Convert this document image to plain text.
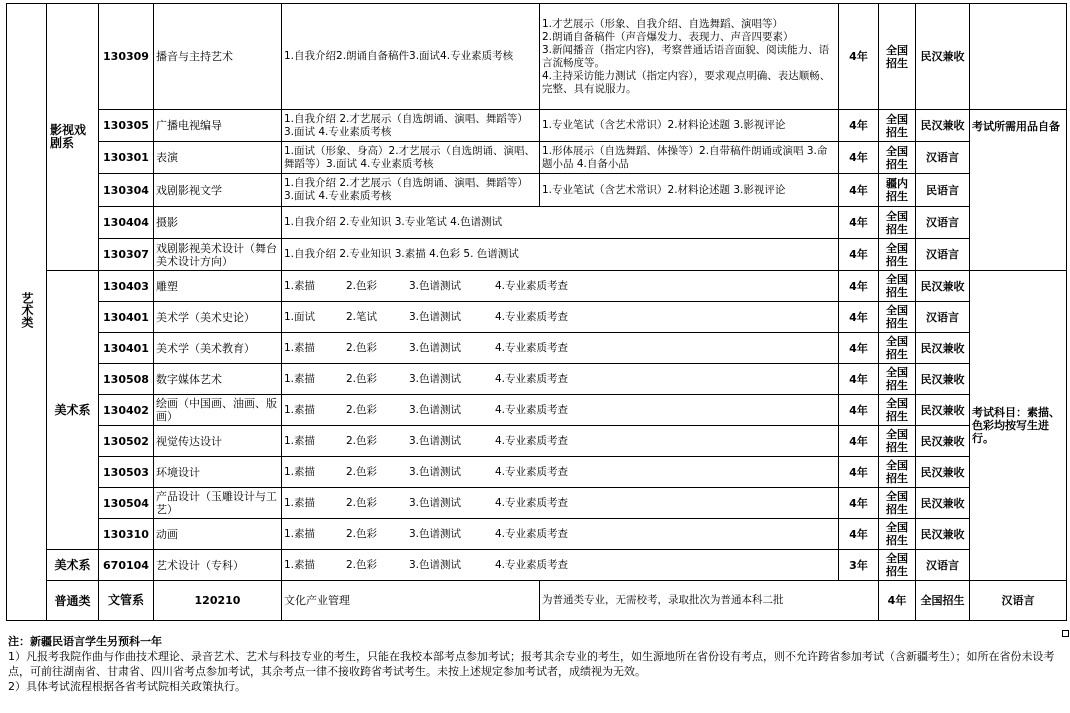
艺术类	影视戏剧系	130309	播音与主持艺术	1.自我介绍2.朗诵自备稿件3.面试4.专业素质考核	1.才艺展示（形象、自我介绍、自选舞蹈、演唱等）
2.朗诵自备稿件（声音爆发力、表现力、声音四要素）
3.新闻播音（指定内容)，考察普通话语音面貌、阅读能力、语言流畅度等。
4.主持采访能力测试（指定内容），要求观点明确、表达顺畅、完整、具有说服力。	4年	全国招生	民汉兼收		
		130305	广播电视编导	1.自我介绍 2.才艺展示（自选朗诵、演唱、舞蹈等）3.面试 4.专业素质考核	1.专业笔试（含艺术常识）2.材料论述题 3.影视评论	4年	全国招生	民汉兼收	考试所需用品自备	
		130301	表演	1.面试（形象、身高）2.才艺展示（自选朗诵、演唱、舞蹈等）3.面试 4.专业素质考核	1.形体展示（自选舞蹈、体操等）2.自带稿件朗诵或演唱 3.命题小品 4.自备小品	4年	全国招生	汉语言		
		130304	戏剧影视文学	1.自我介绍 2.才艺展示（自选朗诵、演唱、舞蹈等）3.面试 4.专业素质考核	1.专业笔试（含艺术常识）2.材料论述题 3.影视评论	4年	疆内招生	民语言		
		130404	摄影	1.自我介绍 2.专业知识 3.专业笔试 4.色谱测试		4年	全国招生	汉语言		
		130307	戏剧影视美术设计（舞台美术设计方向）	1.自我介绍 2.专业知识 3.素描 4.色彩 5. 色谱测试		4年	全国招生	汉语言		
	美术系	130403	雕塑	1.素描 2.色彩 3.色谱测试 4.专业素质考查		4年	全国招生	民汉兼收	考试科目：素描、色彩均按写生进行。	
		130401	美术学（美术史论）	1.面试 2.笔试 3.色谱测试 4.专业素质考查		4年	全国招生	汉语言		
		130401	美术学（美术教育）	1.素描 2.色彩 3.色谱测试 4.专业素质考查		4年	全国招生	民汉兼收		
		130508	数字媒体艺术	1.素描 2.色彩 3.色谱测试 4.专业素质考查		4年	全国招生	民汉兼收		
		130402	绘画（中国画、油画、版画）	1.素描 2.色彩 3.色谱测试 4.专业素质考查		4年	全国招生	民汉兼收		
		130502	视觉传达设计	1.素描 2.色彩 3.色谱测试 4.专业素质考查		4年	全国招生	民汉兼收		
		130503	环境设计	1.素描 2.色彩 3.色谱测试 4.专业素质考查		4年	全国招生	民汉兼收		
		130504	产品设计（玉雕设计与工艺）	1.素描 2.色彩 3.色谱测试 4.专业素质考查		4年	全国招生	民汉兼收		
		130310	动画	1.素描 2.色彩 3.色谱测试 4.专业素质考查		4年	全国招生	民汉兼收		
	美术系	670104	艺术设计（专科）	1.素描 2.色彩 3.色谱测试 4.专业素质考查		3年	全国招生	汉语言		
	普通类	文管系	120210	文化产业管理	为普通类专业，无需校考，录取批次为普通本科二批		4年	全国招生	汉语言	
注：新疆民语言学生另预科一年
1）凡报考我院作曲与作曲技术理论、录音艺术、艺术与科技专业的考生，只能在我校本部考点参加考试；报考其余专业的考生，如生源地所在省份设有考点，则不允许跨省参加考试（含新疆考生）；如所在省份未设考点，可前往湖南省、甘肃省、四川省考点参加考试，其余考点一律不接收跨省考试考生。未按上述规定参加考试者，成绩视为无效。
2）具体考试流程根据各省考试院相关政策执行。
